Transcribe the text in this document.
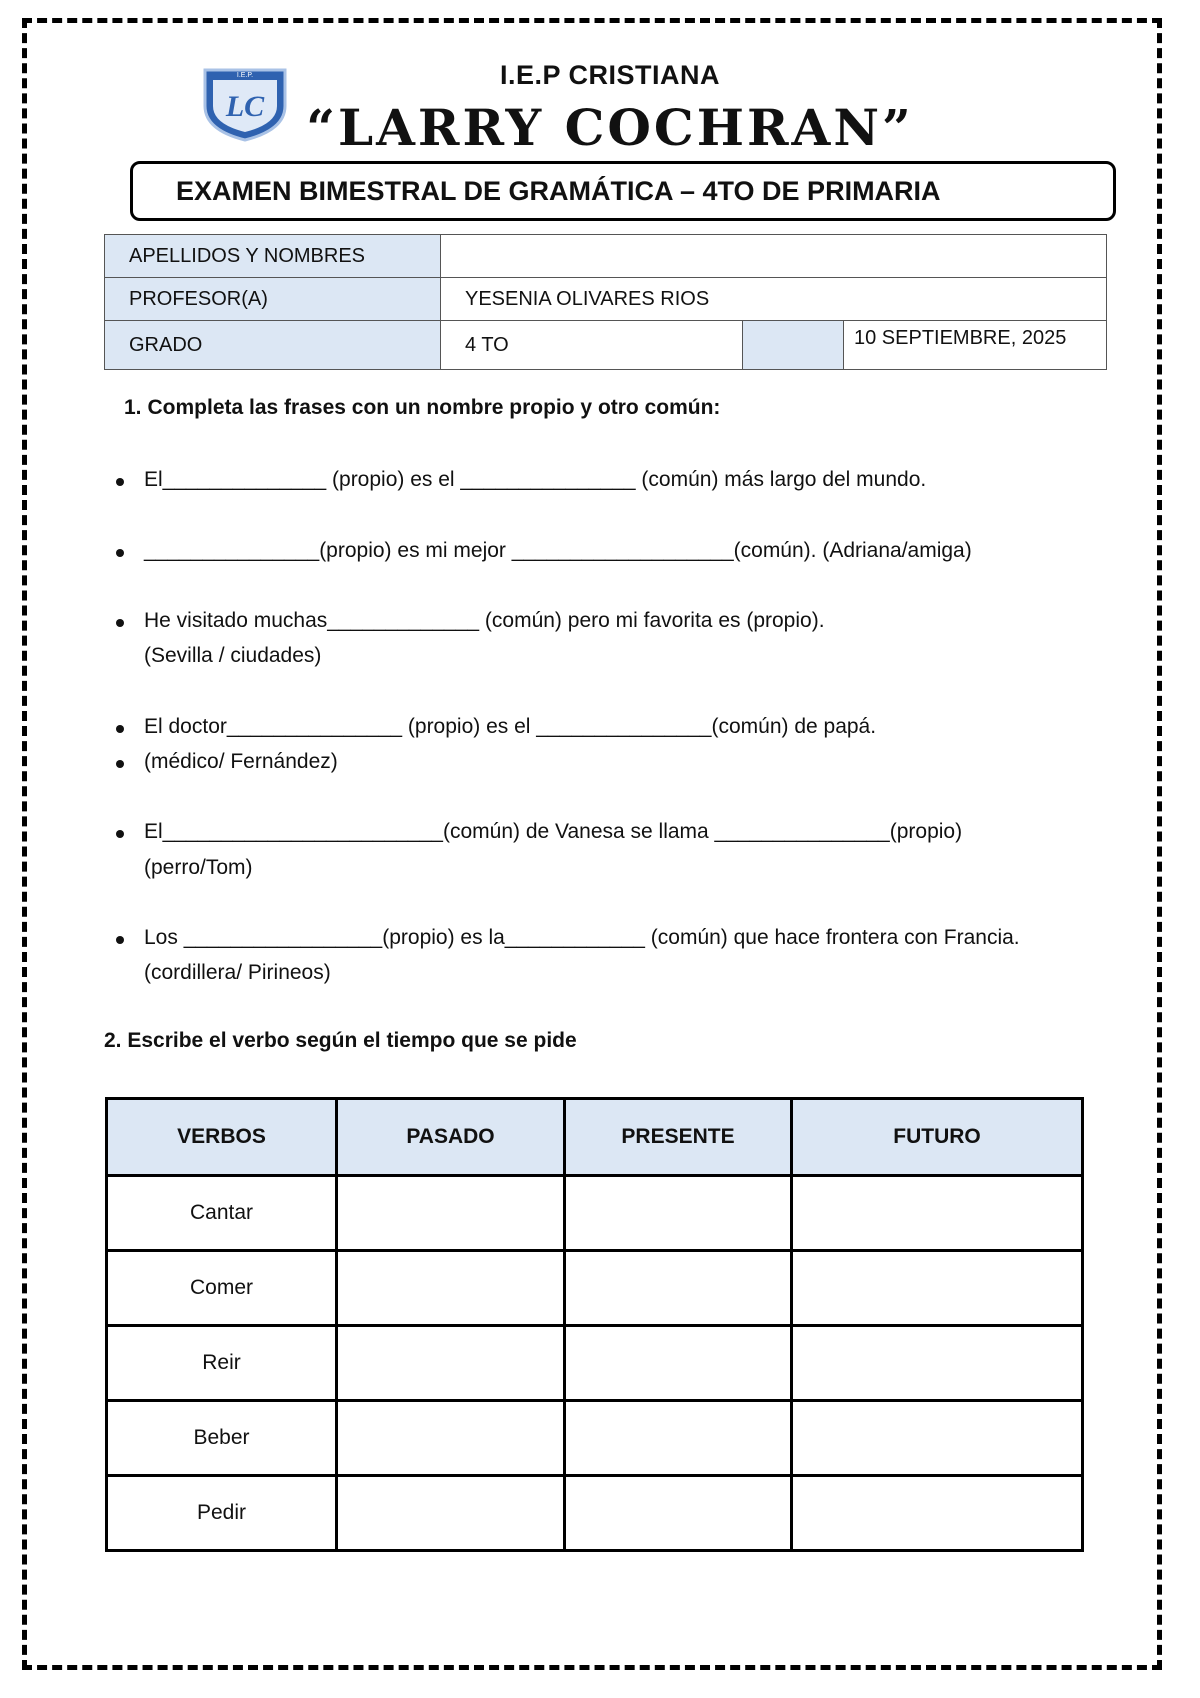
I.E.P.
LC
I.E.P CRISTIANA
“LARRY COCHRAN”
EXAMEN BIMESTRAL DE GRAMÁTICA – 4TO DE PRIMARIA
APELLIDOS Y NOMBRES			
PROFESOR(A)	YESENIA OLIVARES RIOS		
GRADO	4 TO		10 SEPTIEMBRE, 2025
1. Completa las frases con un nombre propio y otro común:
El______________ (propio) es el _______________ (común) más largo del mundo.
_______________(propio) es mi mejor ___________________(común). (Adriana/amiga)
He visitado muchas_____________ (común) pero mi favorita es (propio).
(Sevilla / ciudades)
El doctor_______________ (propio) es el _______________(común) de papá.
(médico/ Fernández)
El________________________(común) de Vanesa se llama _______________(propio)
(perro/Tom)
Los _________________(propio) es la____________ (común) que hace frontera con Francia.
(cordillera/ Pirineos)
2. Escribe el verbo según el tiempo que se pide
VERBOS	PASADO	PRESENTE	FUTURO
Cantar			
Comer			
Reir			
Beber			
Pedir			
